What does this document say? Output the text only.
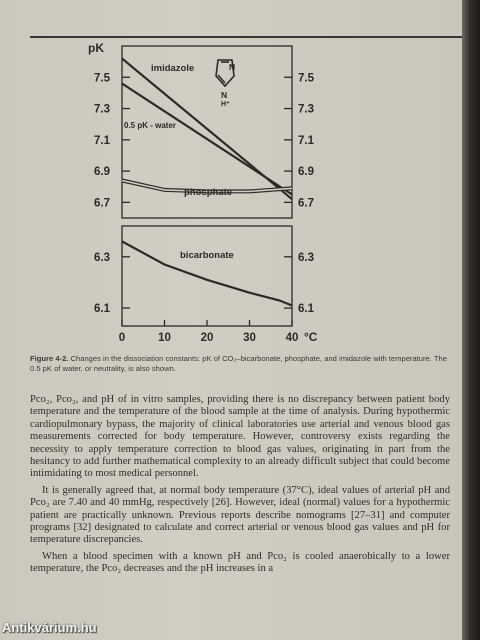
pK
7.5	7.5
7.3	7.3
7.1	7.1
6.9	6.9
6.7	6.7
6.3	6.3
6.1	6.1
0	10	20	30	40 °C
N
N
H⁺
imidazole
0.5 pK - water
phosphate
bicarbonate
Figure 4-2. Changes in the dissociation constants: pK of CO₂–bicarbonate, phosphate, and imidazole with temperature. The 0.5 pK of water, or neutrality, is also shown.

Pco₂, Pco₂, and pH of in vitro samples, providing there is no discrepancy between patient body temperature and the temperature of the blood sample at the time of analysis. During hypothermic cardiopulmonary bypass, the majority of clinical laboratories use arterial and venous blood gas measurements corrected for body temperature. However, controversy exists regarding the necessity to apply temperature correction to blood gas values, originating in part from the hesitancy to add further mathematical complexity to an already difficult subject that could become intimidating to most medical personnel.

It is generally agreed that, at normal body temperature (37°C), ideal values of arterial pH and Pco₂ are 7.40 and 40 mmHg, respectively [26]. However, ideal (normal) values for a hypothermic patient are practically unknown. Previous reports describe nomograms [27–31] and computer programs [32] designated to calculate and correct arterial or venous blood gas values and pH for temperature discrepancies.

When a blood specimen with a known pH and Pco₂ is cooled anaerobically to a lower temperature, the Pco₂ decreases and the pH increases in a

Antikvárium.hu
